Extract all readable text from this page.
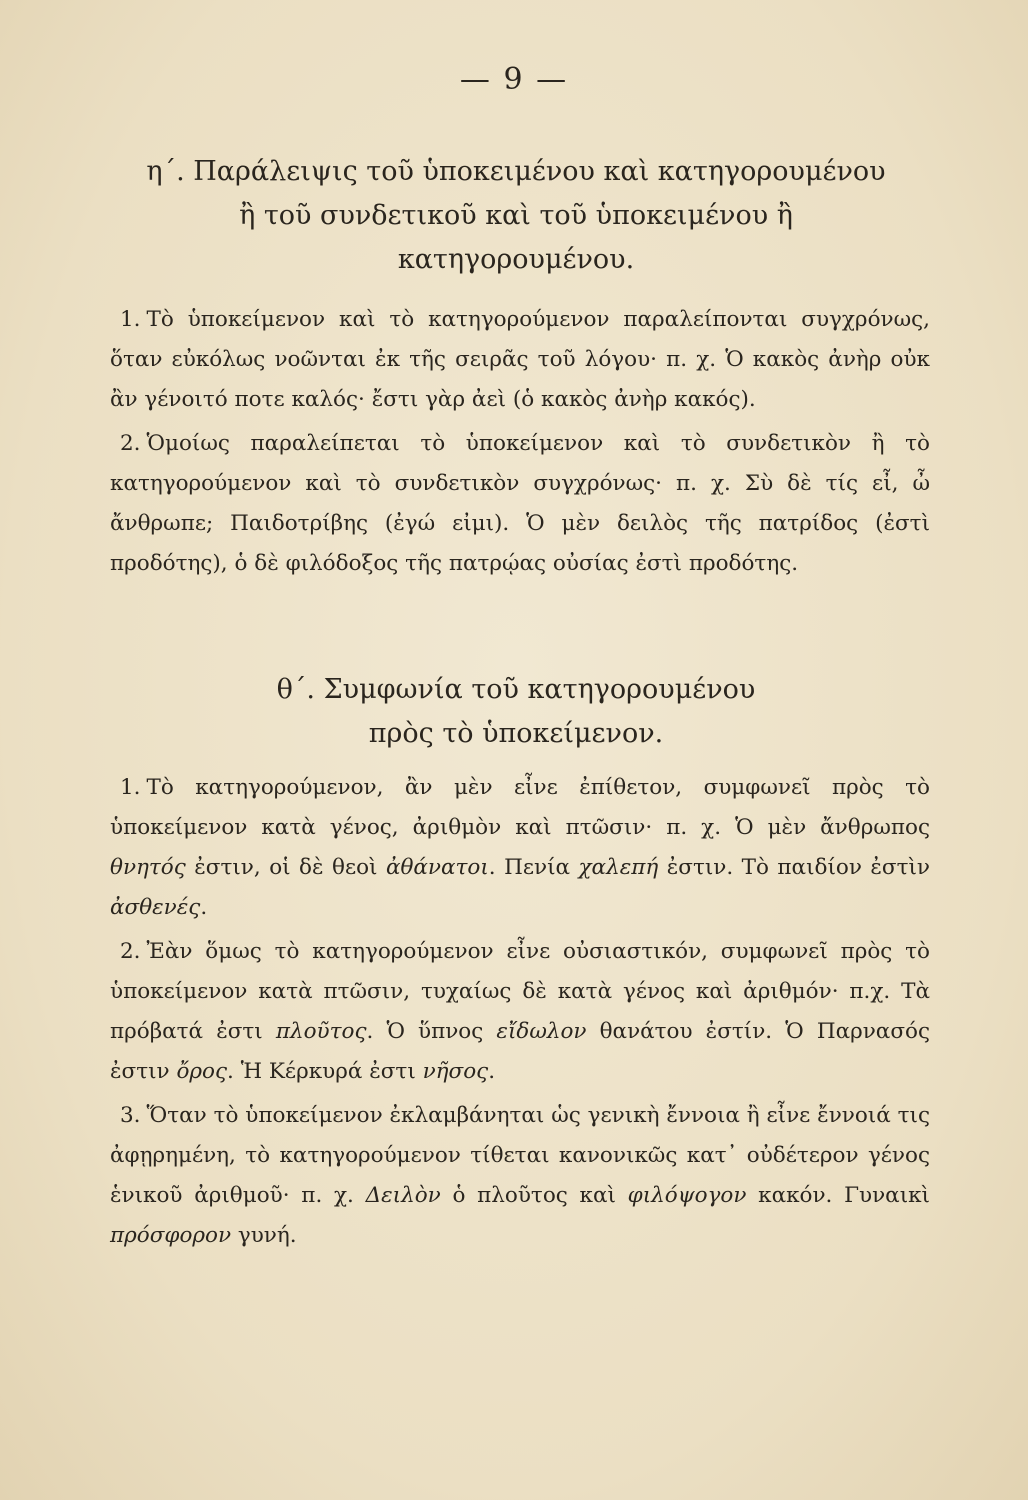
— 9 —
η΄. Παράλειψις τοῦ ὑποκειμένου καὶ κατηγορουμένου
ἢ τοῦ συνδετικοῦ καὶ τοῦ ὑποκειμένου ἢ
κατηγορουμένου.

1. Τὸ ὑποκείμενον καὶ τὸ κατηγορούμενον παραλείπονται συγχρόνως, ὅταν εὐκόλως νοῶνται ἐκ τῆς σειρᾶς τοῦ λόγου· π. χ. Ὁ κακὸς ἀνὴρ οὐκ ἂν γένοιτό ποτε καλός· ἔστι γὰρ ἀεὶ (ὁ κακὸς ἀνὴρ κακός).

2. Ὁμοίως παραλείπεται τὸ ὑποκείμενον καὶ τὸ συνδετικὸν ἢ τὸ κατηγορούμενον καὶ τὸ συνδετικὸν συγχρόνως· π. χ. Σὺ δὲ τίς εἶ, ὦ ἄνθρωπε; Παιδοτρίβης (ἐγώ εἰμι). Ὁ μὲν δειλὸς τῆς πατρίδος (ἐστὶ προδότης), ὁ δὲ φιλόδοξος τῆς πατρῴας οὐσίας ἐστὶ προδότης.

θ΄. Συμφωνία τοῦ κατηγορουμένου
πρὸς τὸ ὑποκείμενον.

1. Τὸ κατηγορούμενον, ἂν μὲν εἶνε ἐπίθετον, συμφωνεῖ πρὸς τὸ ὑποκείμενον κατὰ γένος, ἀριθμὸν καὶ πτῶσιν· π. χ. Ὁ μὲν ἄνθρωπος θνητός ἐστιν, οἱ δὲ θεοὶ ἀθάνατοι. Πενία χαλεπή ἐστιν. Τὸ παιδίον ἐστὶν ἀσθενές.

2. Ἐὰν ὅμως τὸ κατηγορούμενον εἶνε οὐσιαστικόν, συμφωνεῖ πρὸς τὸ ὑποκείμενον κατὰ πτῶσιν, τυχαίως δὲ κατὰ γένος καὶ ἀριθμόν· π.χ. Τὰ πρόβατά ἐστι πλοῦτος. Ὁ ὕπνος εἴδωλον θανάτου ἐστίν. Ὁ Παρνασός ἐστιν ὄρος. Ἡ Κέρκυρά ἐστι νῆσος.

3. Ὅταν τὸ ὑποκείμενον ἐκλαμβάνηται ὡς γενικὴ ἔννοια ἢ εἶνε ἔννοιά τις ἀφῃρημένη, τὸ κατηγορούμενον τίθεται κανονικῶς κατ᾽ οὐδέτερον γένος ἑνικοῦ ἀριθμοῦ· π. χ. Δειλὸν ὁ πλοῦτος καὶ φιλόψογον κακόν. Γυναικὶ πρόσφορον γυνή.
